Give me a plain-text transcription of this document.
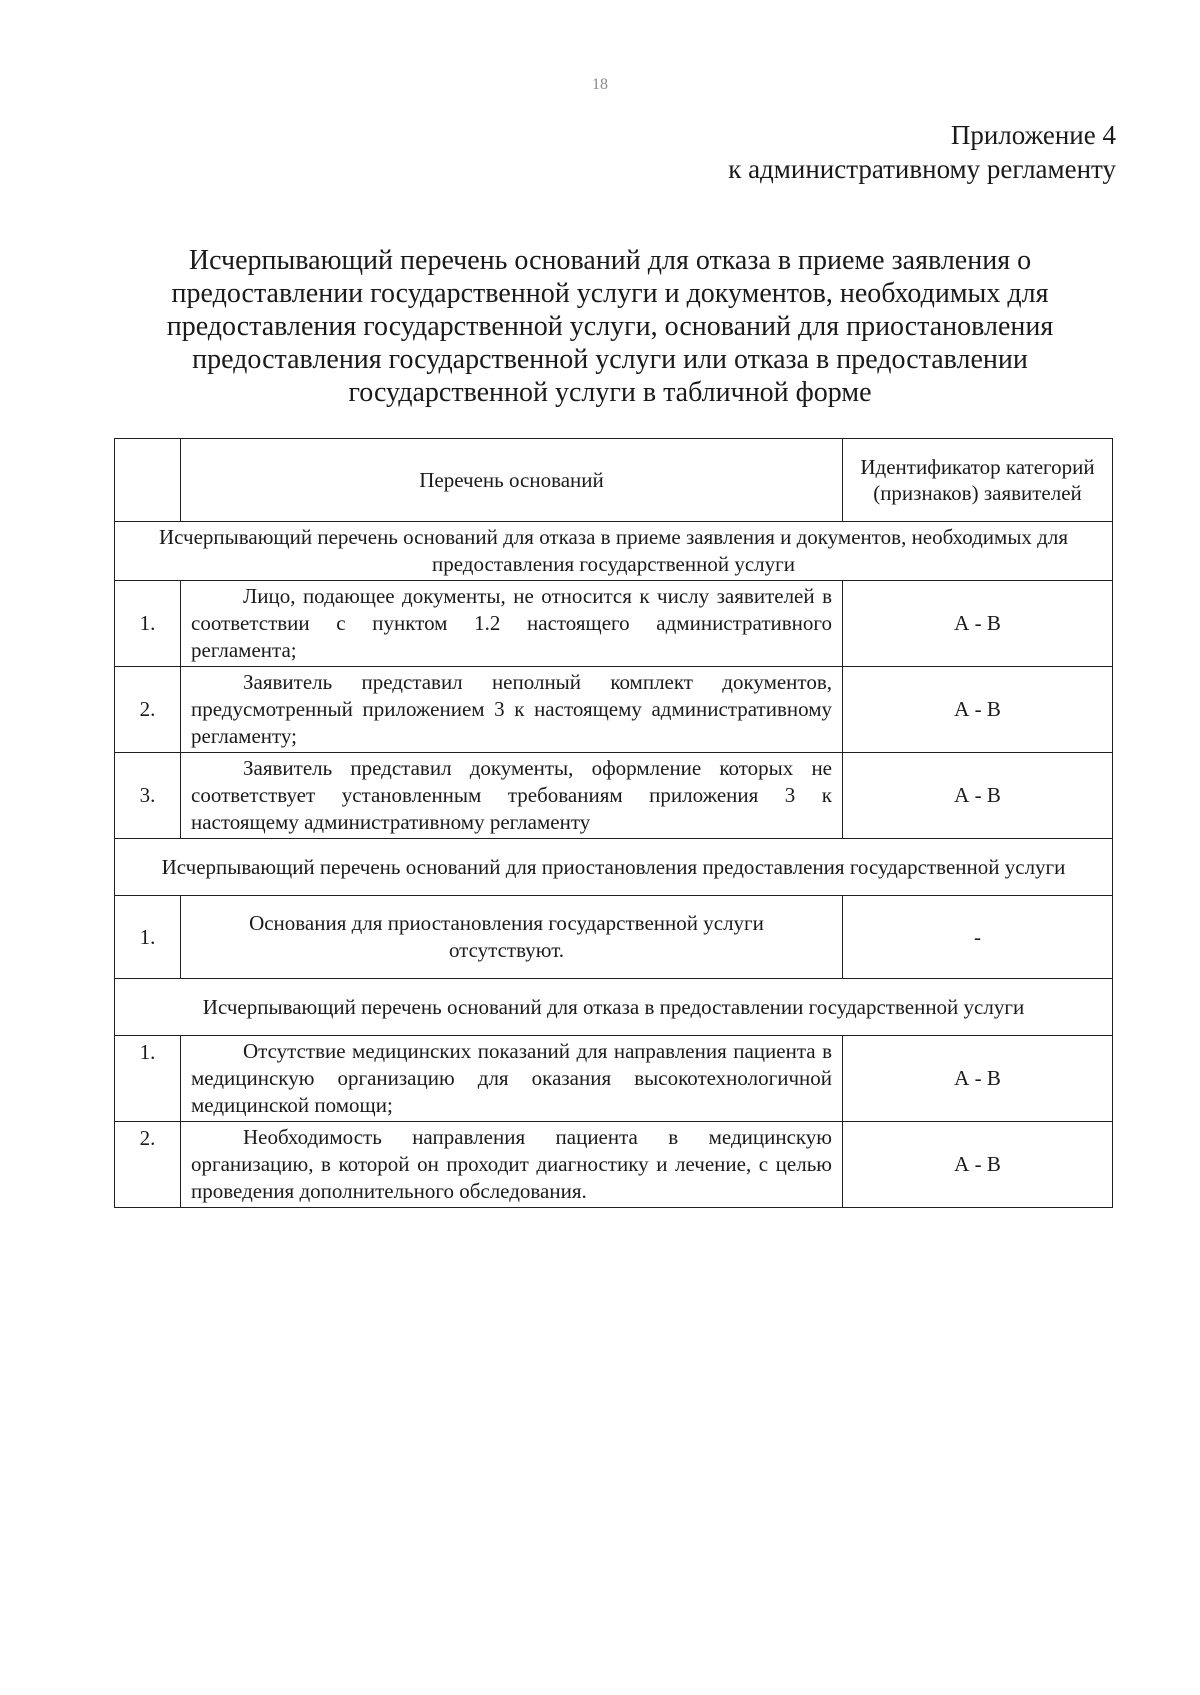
18
Приложение 4
к административному регламенту
Исчерпывающий перечень оснований для отказа в приеме заявления о предоставлении государственной услуги и документов, необходимых для предоставления государственной услуги, оснований для приостановления предоставления государственной услуги или отказа в предоставлении государственной услуги в табличной форме
	Перечень оснований	Идентификатор категорий (признаков) заявителей
Исчерпывающий перечень оснований для отказа в приеме заявления и документов, необходимых для предоставления государственной услуги		
1.	Лицо, подающее документы, не относится к числу заявителей в соответствии с пунктом 1.2 настоящего административного регламента;	А - В
2.	Заявитель представил неполный комплект документов, предусмотренный приложением 3 к настоящему административному регламенту;	А - В
3.	Заявитель представил документы, оформление которых не соответствует установленным требованиям приложения 3 к настоящему административному регламенту	А - В
Исчерпывающий перечень оснований для приостановления предоставления государственной услуги		
1.	Основания для приостановления государственной услуги отсутствуют.	-
Исчерпывающий перечень оснований для отказа в предоставлении государственной услуги		
1.	Отсутствие медицинских показаний для направления пациента в медицинскую организацию для оказания высокотехнологичной медицинской помощи;	А - В
2.	Необходимость направления пациента в медицинскую организацию, в которой он проходит диагностику и лечение, с целью проведения дополнительного обследования.	А - В
